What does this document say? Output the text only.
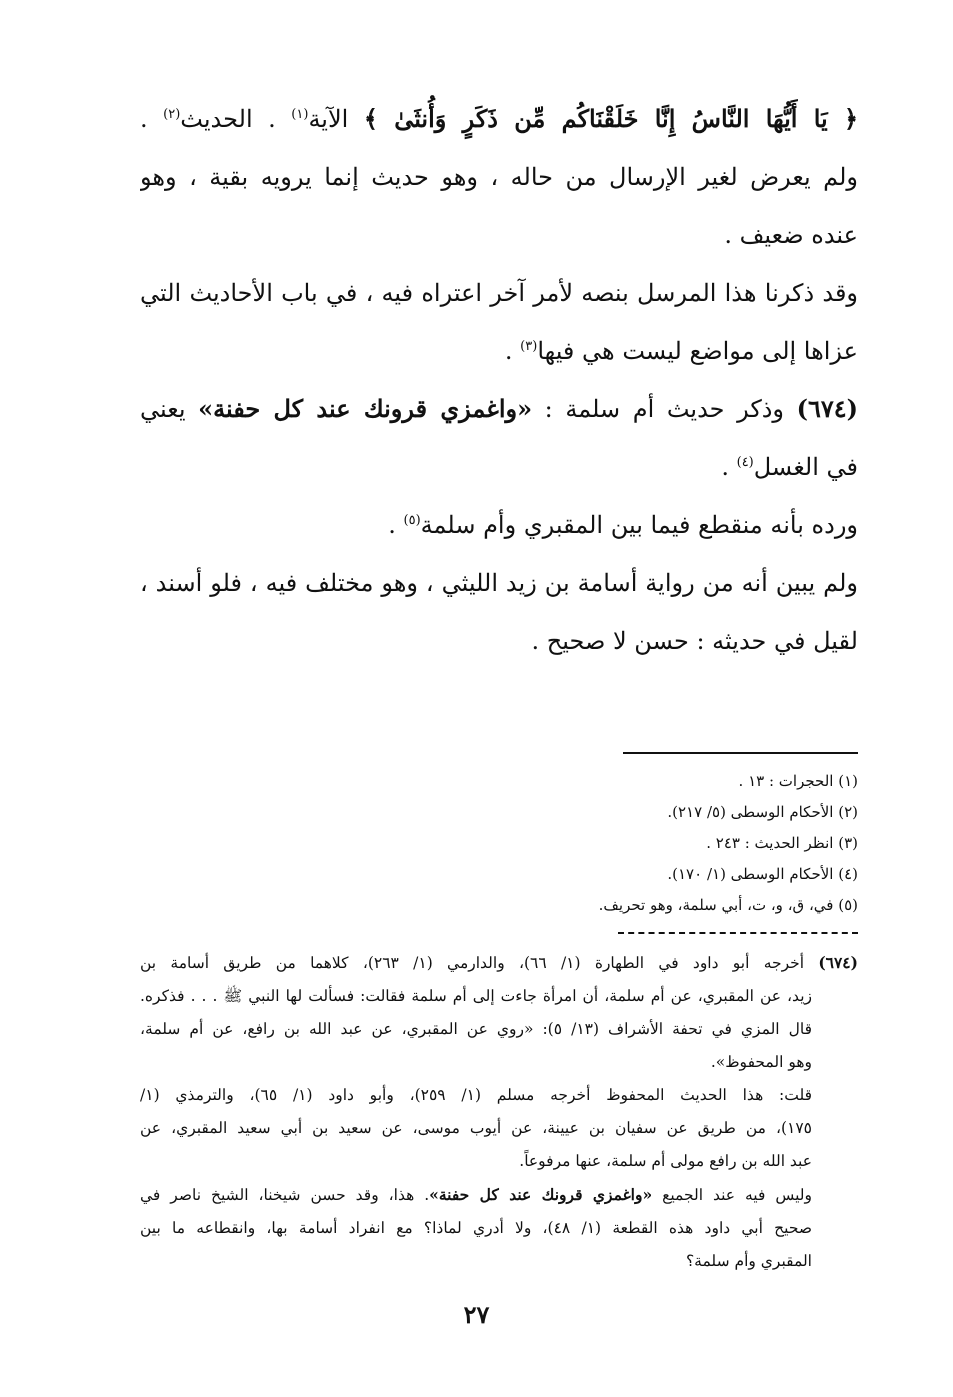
﴿ يَا أَيُّهَا النَّاسُ إِنَّا خَلَقْنَاكُم مِّن ذَكَرٍ وَأُنثَىٰ ﴾ الآية$^{(١)}$ . الحديث$^{(٢)}$ .

ولم يعرض لغير الإرسال من حاله ، وهو حديث إنما يرويه بقية ، وهو

عنده ضعيف .

وقد ذكرنا هذا المرسل بنصه لأمر آخر اعتراه فيه ، في باب الأحاديث التي

عزاها إلى مواضع ليست هي فيها$^{(٣)}$ .

(٦٧٤) وذكر حديث أم سلمة : «واغمزي قرونك عند كل حفنة» يعني

في الغسل$^{(٤)}$ .

ورده بأنه منقطع فيما بين المقبري وأم سلمة$^{(٥)}$ .

ولم يبين أنه من رواية أسامة بن زيد الليثي ، وهو مختلف فيه ، فلو أسند ،

لقيل في حديثه : حسن لا صحيح .

(١) الحجرات : ١٣ .
(٢) الأحكام الوسطى (٥/ ٢١٧).
(٣) انظر الحديث : ٢٤٣ .
(٤) الأحكام الوسطى (١/ ١٧٠).
(٥) في، ق، و، ت، أبي سلمة، وهو تحريف.

(٦٧٤) أخرجه أبو داود في الطهارة (١/ ٦٦)، والدارمي (١/ ٢٦٣)، كلاهما من طريق أسامة بن

زيد، عن المقبري، عن أم سلمة، أن امرأة جاءت إلى أم سلمة فقالت: فسألت لها النبي ﷺ . . . فذكره.

قال المزي في تحفة الأشراف (١٣/ ٥): «روي عن المقبري، عن عبد الله بن رافع، عن أم سلمة،

وهو المحفوظ».

قلت: هذا الحديث المحفوظ أخرجه مسلم (١/ ٢٥٩)، وأبو داود (١/ ٦٥)، والترمذي (١/

١٧٥)، من طريق عن سفيان بن عيينة، عن أيوب موسى، عن سعيد بن أبي سعيد المقبري، عن

عبد الله بن رافع مولى أم سلمة، عنها مرفوعاً.

وليس فيه عند الجميع «واغمزي قرونك عند كل حفنة». هذا، وقد حسن شيخنا، الشيخ ناصر في

صحيح أبي داود هذه القطعة (١/ ٤٨)، ولا أدري لماذا؟ مع انفراد أسامة بها، وانقطاعه ما بين

المقبري وأم سلمة؟

٢٧
